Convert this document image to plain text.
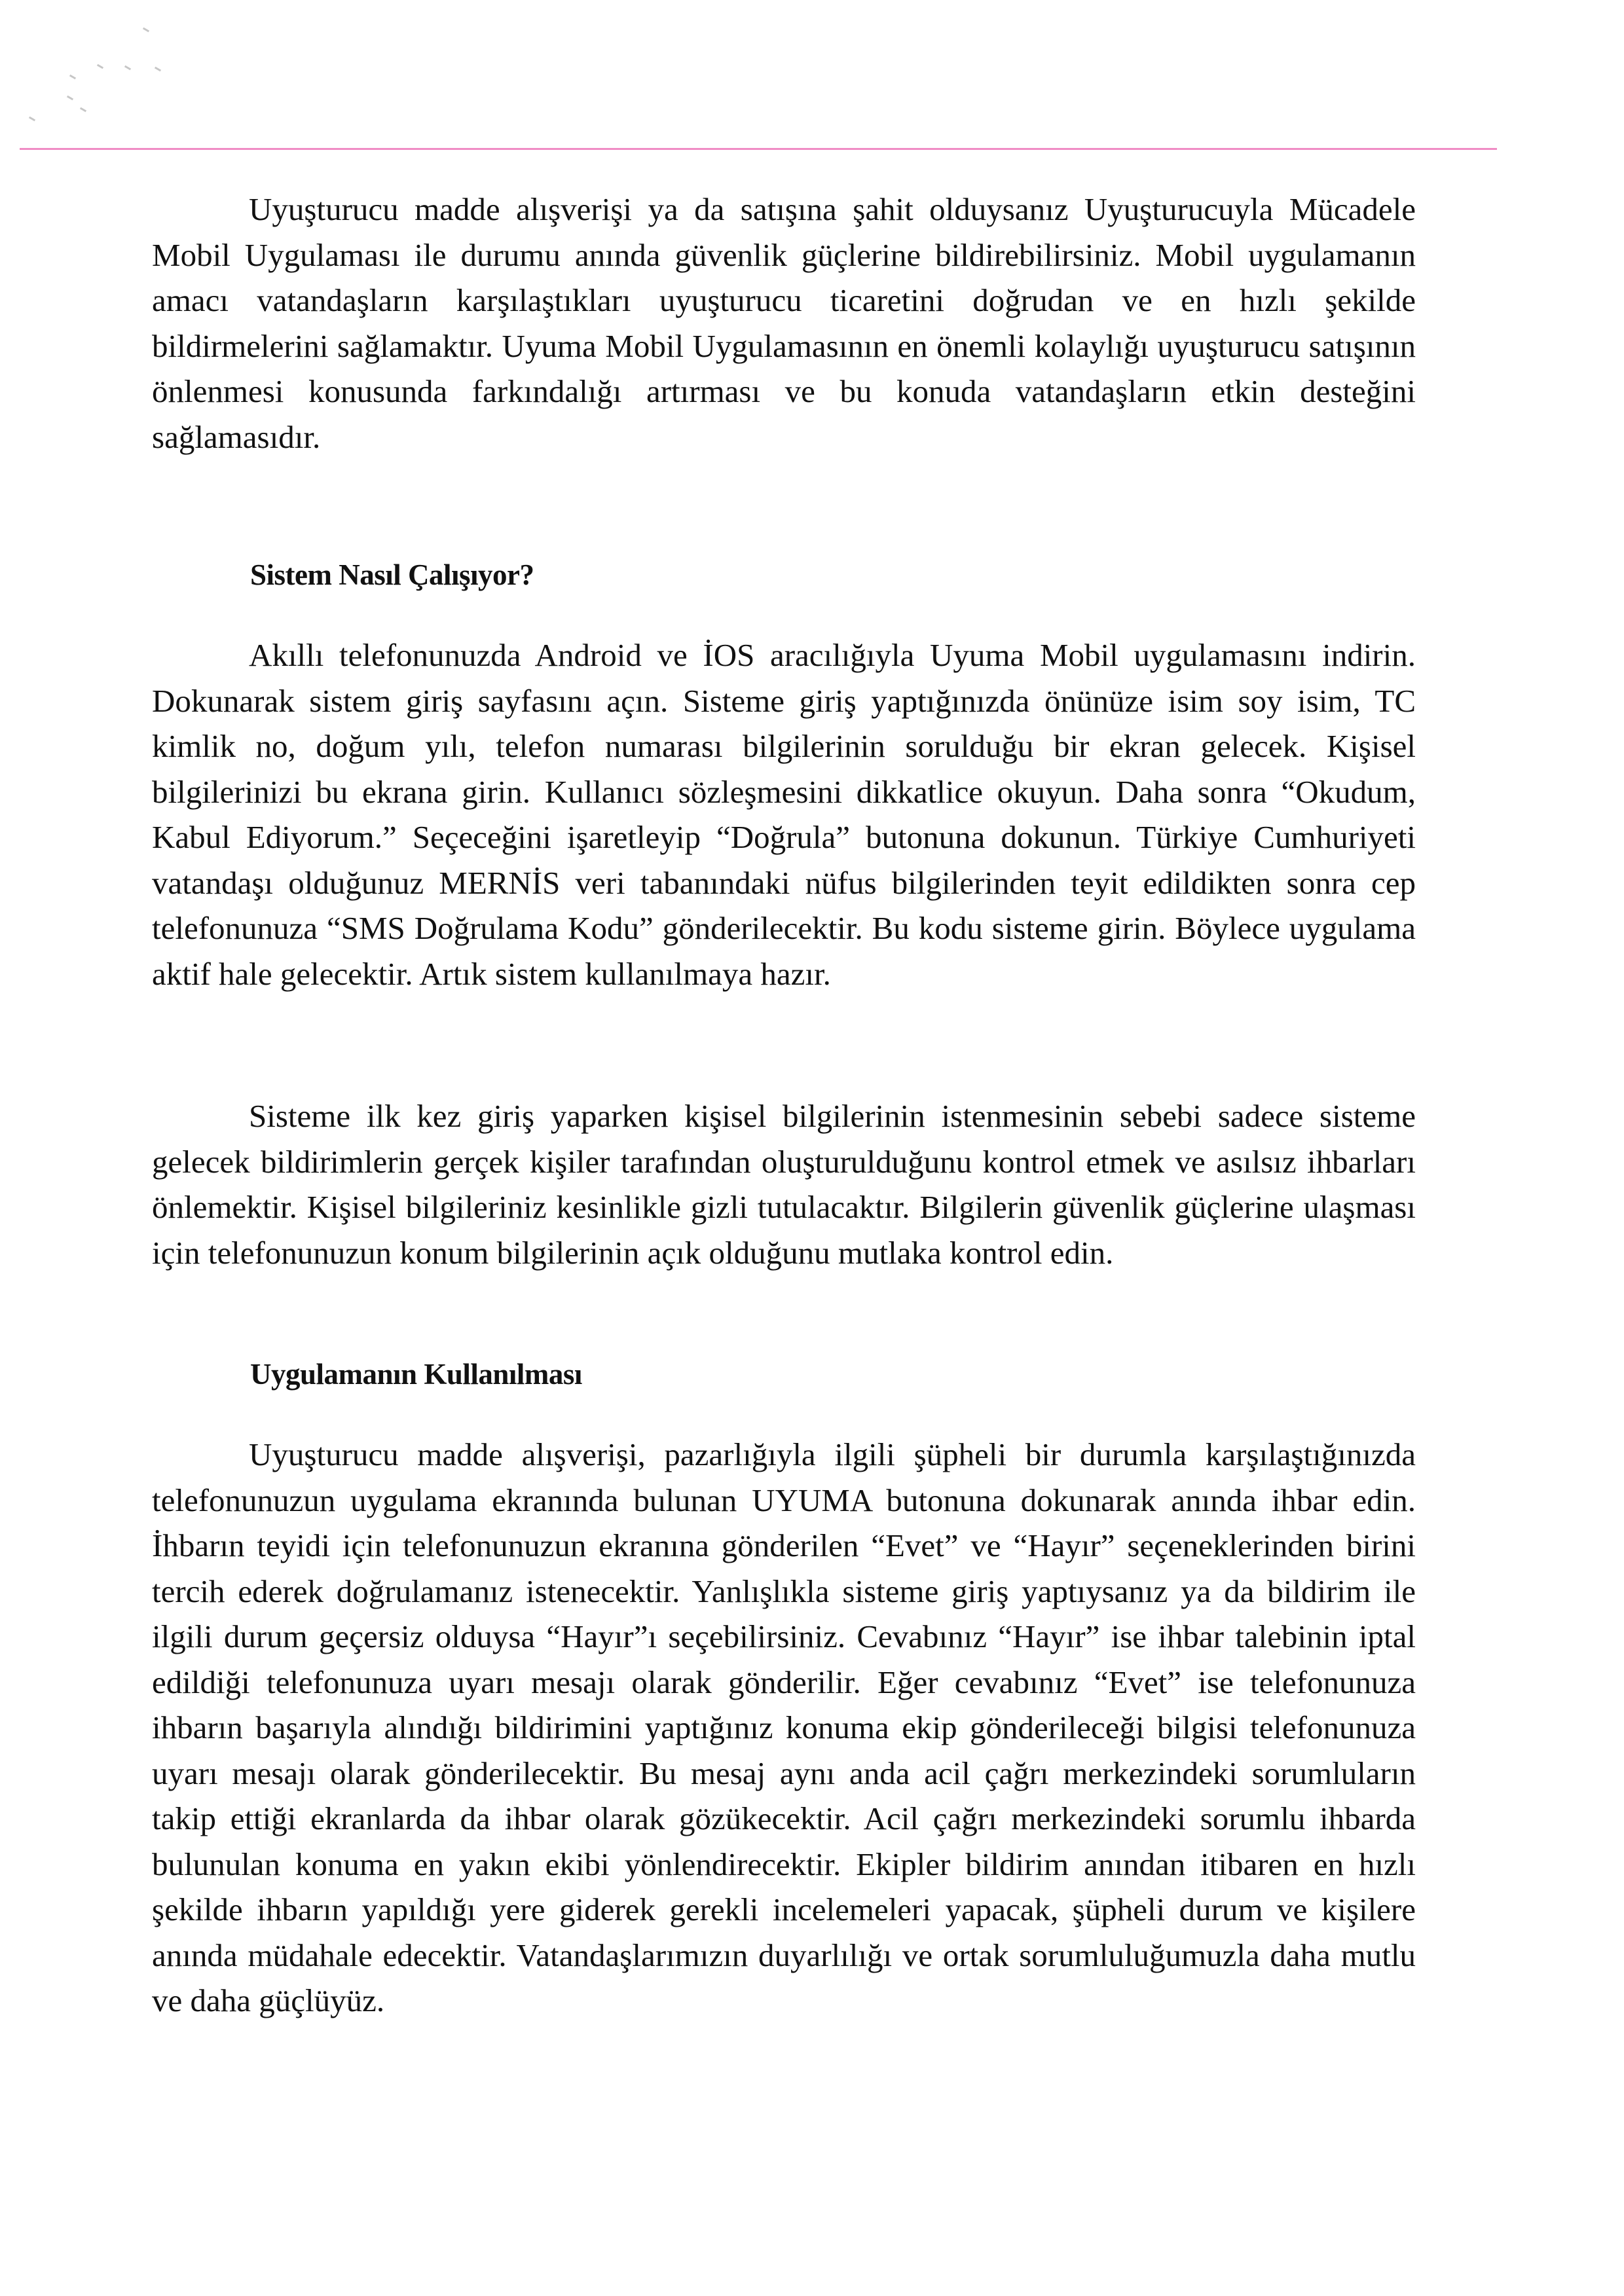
Uyuşturucu madde alışverişi ya da satışına şahit olduysanız Uyuşturucuyla Mücadele Mobil Uygulaması ile durumu anında güvenlik güçlerine bildirebilirsiniz. Mobil uygulamanın amacı vatandaşların karşılaştıkları uyuşturucu ticaretini doğrudan ve en hızlı şekilde bildirmelerini sağlamaktır. Uyuma Mobil Uygulamasının en önemli kolaylığı uyuşturucu satışının önlenmesi konusunda farkındalığı artırması ve bu konuda vatandaşların etkin desteğini sağlamasıdır.

Sistem Nasıl Çalışıyor?

Akıllı telefonunuzda Android ve İOS aracılığıyla Uyuma Mobil uygulamasını indirin. Dokunarak sistem giriş sayfasını açın. Sisteme giriş yaptığınızda önünüze isim soy isim, TC kimlik no, doğum yılı, telefon numarası bilgilerinin sorulduğu bir ekran gelecek. Kişisel bilgilerinizi bu ekrana girin. Kullanıcı sözleşmesini dikkatlice okuyun. Daha sonra “Okudum, Kabul Ediyorum.” Seçeceğini işaretleyip “Doğrula” butonuna dokunun. Türkiye Cumhuriyeti vatandaşı olduğunuz MERNİS veri tabanındaki nüfus bilgilerinden teyit edildikten sonra cep telefonunuza “SMS Doğrulama Kodu” gönderilecektir. Bu kodu sisteme girin. Böylece uygulama aktif hale gelecektir. Artık sistem kullanılmaya hazır.

Sisteme ilk kez giriş yaparken kişisel bilgilerinin istenmesinin sebebi sadece sisteme gelecek bildirimlerin gerçek kişiler tarafından oluşturulduğunu kontrol etmek ve asılsız ihbarları önlemektir. Kişisel bilgileriniz kesinlikle gizli tutulacaktır. Bilgilerin güvenlik güçlerine ulaşması için telefonunuzun konum bilgilerinin açık olduğunu mutlaka kontrol edin.

Uygulamanın Kullanılması

Uyuşturucu madde alışverişi, pazarlığıyla ilgili şüpheli bir durumla karşılaştığınızda telefonunuzun uygulama ekranında bulunan UYUMA butonuna dokunarak anında ihbar edin. İhbarın teyidi için telefonunuzun ekranına gönderilen “Evet” ve “Hayır” seçeneklerinden birini tercih ederek doğrulamanız istenecektir. Yanlışlıkla sisteme giriş yaptıysanız ya da bildirim ile ilgili durum geçersiz olduysa “Hayır”ı seçebilirsiniz. Cevabınız “Hayır” ise ihbar talebinin iptal edildiği telefonunuza uyarı mesajı olarak gönderilir. Eğer cevabınız “Evet” ise telefonunuza ihbarın başarıyla alındığı bildirimini yaptığınız konuma ekip gönderileceği bilgisi telefonunuza uyarı mesajı olarak gönderilecektir. Bu mesaj aynı anda acil çağrı merkezindeki sorumluların takip ettiği ekranlarda da ihbar olarak gözükecektir. Acil çağrı merkezindeki sorumlu ihbarda bulunulan konuma en yakın ekibi yönlendirecektir. Ekipler bildirim anından itibaren en hızlı şekilde ihbarın yapıldığı yere giderek gerekli incelemeleri yapacak, şüpheli durum ve kişilere anında müdahale edecektir. Vatandaşlarımızın duyarlılığı ve ortak sorumluluğumuzla daha mutlu ve daha güçlüyüz.
